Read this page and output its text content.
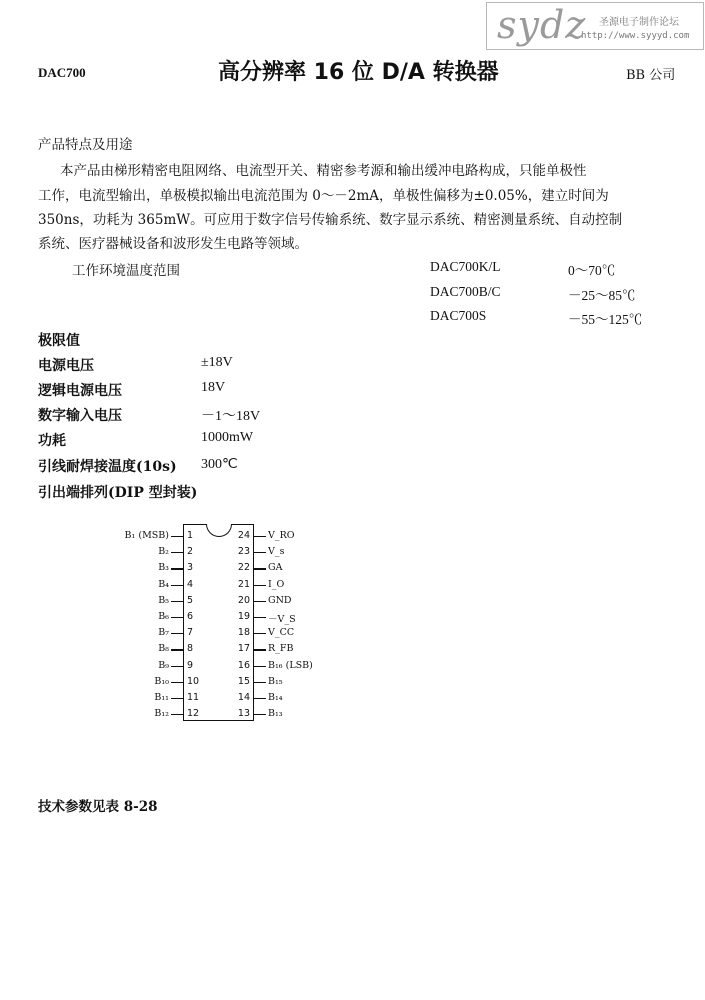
sydz 圣源电子制作论坛
http://www.syyyd.com
DAC700	高分辨率 16 位 D/A 转换器	BB 公司
产品特点及用途
本产品由梯形精密电阻网络、电流型开关、精密参考源和输出缓冲电路构成，只能单极性
工作，电流型输出，单极模拟输出电流范围为 0～－2mA，单极性偏移为±0.05%，建立时间为
350ns，功耗为 365mW。可应用于数字信号传输系统、数字显示系统、精密测量系统、自动控制
系统、医疗器械设备和波形发生电路等领域。
工作环境温度范围	DAC700K/L	0～70℃
DAC700B/C	－25～85℃
DAC700S	－55～125℃
极限值
电源电压	±18V
逻辑电源电压	18V
数字输入电压	－1～18V
功耗	1000mW
引线耐焊接温度(10s) 300℃
引出端排列(DIP 型封装)
1
B₁ (MSB)
2
B₂
3
B₃
4
B₄
5
B₅
6
B₆
7
B₇
8
B₈
9
B₉
10
B₁₀
11
B₁₁
12
B₁₂
24 V_RO
23 V_s
22 GA
21 I_O
20 GND
19 －V_S
18 V_CC
17 R_FB
16 B₁₆ (LSB)
15 B₁₅
14 B₁₄
13 B₁₃
技术参数见表 8-28
